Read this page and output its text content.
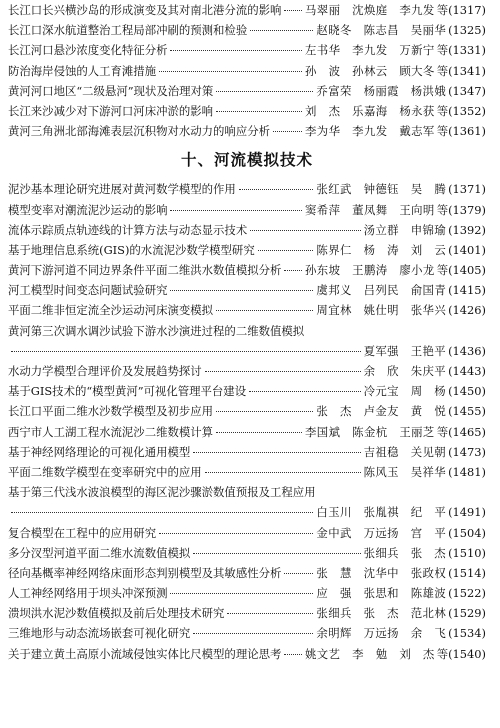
长江口长兴横沙岛的形成演变及其对南北港分流的影响 马翠丽　沈焕庭　李九发 等(1317)
长江口深水航道整治工程局部冲刷的预测和检验	赵晓冬　陈志昌　吴丽华 (1325)
长江河口悬沙浓度变化特征分析	左书华　李九发　万新宁 等(1331)
防治海岸侵蚀的人工育滩措施	孙　波　孙林云　顾大冬 等(1341)
黄河河口地区“二级悬河”现状及治理对策	乔富荣　杨丽霞　杨洪娥 (1347)
长江来沙减少对下游河口河床冲淤的影响	刘　杰　乐嘉海　杨永获 等(1352)
黄河三角洲北部海滩表层沉积物对水动力的响应分析	李为华　李九发　戴志军 等(1361)
十、河流模拟技术
泥沙基本理论研究进展对黄河数学模型的作用	张红武　钟德钰　吴　腾 (1371)
模型变率对潮流泥沙运动的影响	窦希萍　董凤舞　王向明 等(1379)
流体示踪质点轨迹线的计算方法与动态显示技术	汤立群　申锦瑜 (1392)
基于地理信息系统(GIS)的水流泥沙数学模型研究	陈界仁　杨　涛　刘　云 (1401)
黄河下游河道不同边界条件平面二维洪水数值模拟分析 孙东坡　王鹏涛　廖小龙 等(1405)
河工模型时间变态问题试验研究	虞邦义　吕列民　俞国青 (1415)
平面二维非恒定流全沙运动河床演变模拟	周宜林　姚仕明　张华兴 (1426)
黄河第三次调水调沙试验下游水沙演进过程的二维数值模拟
夏军强　王艳平 (1436)
水动力学模型合理评价及发展趋势探讨	余　欣　朱庆平 (1443)
基于GIS技术的“模型黄河”可视化管理平台建设	冷元宝　周　杨 (1450)
长江口平面二维水沙数学模型及初步应用	张　杰　卢金友　黄　悦 (1455)
西宁市人工湖工程水流泥沙二维数模计算	李国斌　陈金杭　王丽芝 等(1465)
基于神经网络理论的可视化通用模型	吉祖稳　关见朝 (1473)
平面二维数学模型在变率研究中的应用	陈风玉　吴祥华 (1481)
基于第三代浅水波浪模型的海区泥沙骤淤数值预报及工程应用
白玉川　张胤祺　纪　平 (1491)
复合模型在工程中的应用研究	金中武　万远扬　宫　平 (1504)
多分汊型河道平面二维水流数值模拟	张细兵　张　杰 (1510)
径向基概率神经网络床面形态判别模型及其敏感性分析	张　慧　沈华中　张政权 (1514)
人工神经网络用于坝头冲深预测	应　强　张思和　陈雄波 (1522)
溃坝洪水泥沙数值模拟及前后处理技术研究	张细兵　张　杰　范北林 (1529)
三维地形与动态流场嵌套可视化研究	余明辉　万远扬　余　飞 (1534)
关于建立黄土高原小流域侵蚀实体比尺模型的理论思考 姚文艺　李　勉　刘　杰 等(1540)
